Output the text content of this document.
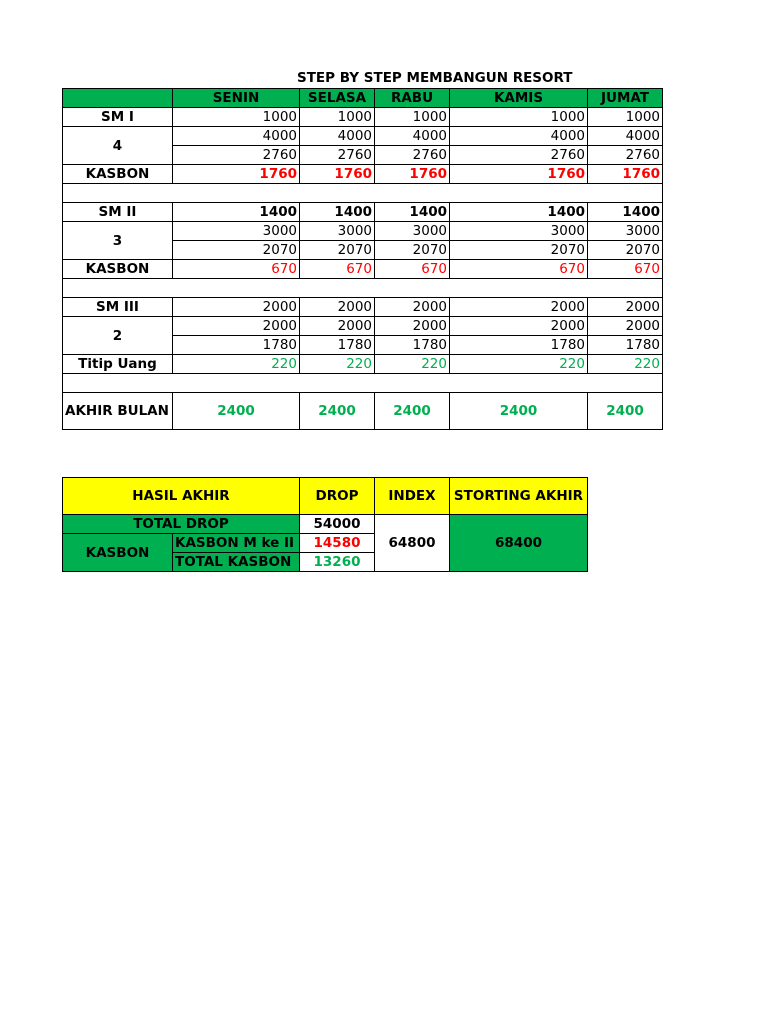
STEP BY STEP MEMBANGUN RESORT
	SENIN	SELASA	RABU	KAMIS	JUMAT
SM I	1000	1000	1000	1000	1000
4	4000	4000	4000	4000	4000
	2760	2760	2760	2760	2760
KASBON	1760	1760	1760	1760	1760

SM II	1400	1400	1400	1400	1400
3	3000	3000	3000	3000	3000
	2070	2070	2070	2070	2070
KASBON	670	670	670	670	670

SM III	2000	2000	2000	2000	2000
2	2000	2000	2000	2000	2000
	1780	1780	1780	1780	1780
Titip Uang	220	220	220	220	220

AKHIR BULAN	2400	2400	2400	2400	2400
HASIL AKHIR		DROP	INDEX	STORTING AKHIR
TOTAL DROP		54000	64800	68400
KASBON	KASBON M ke II	14580		
	TOTAL KASBON	13260		
